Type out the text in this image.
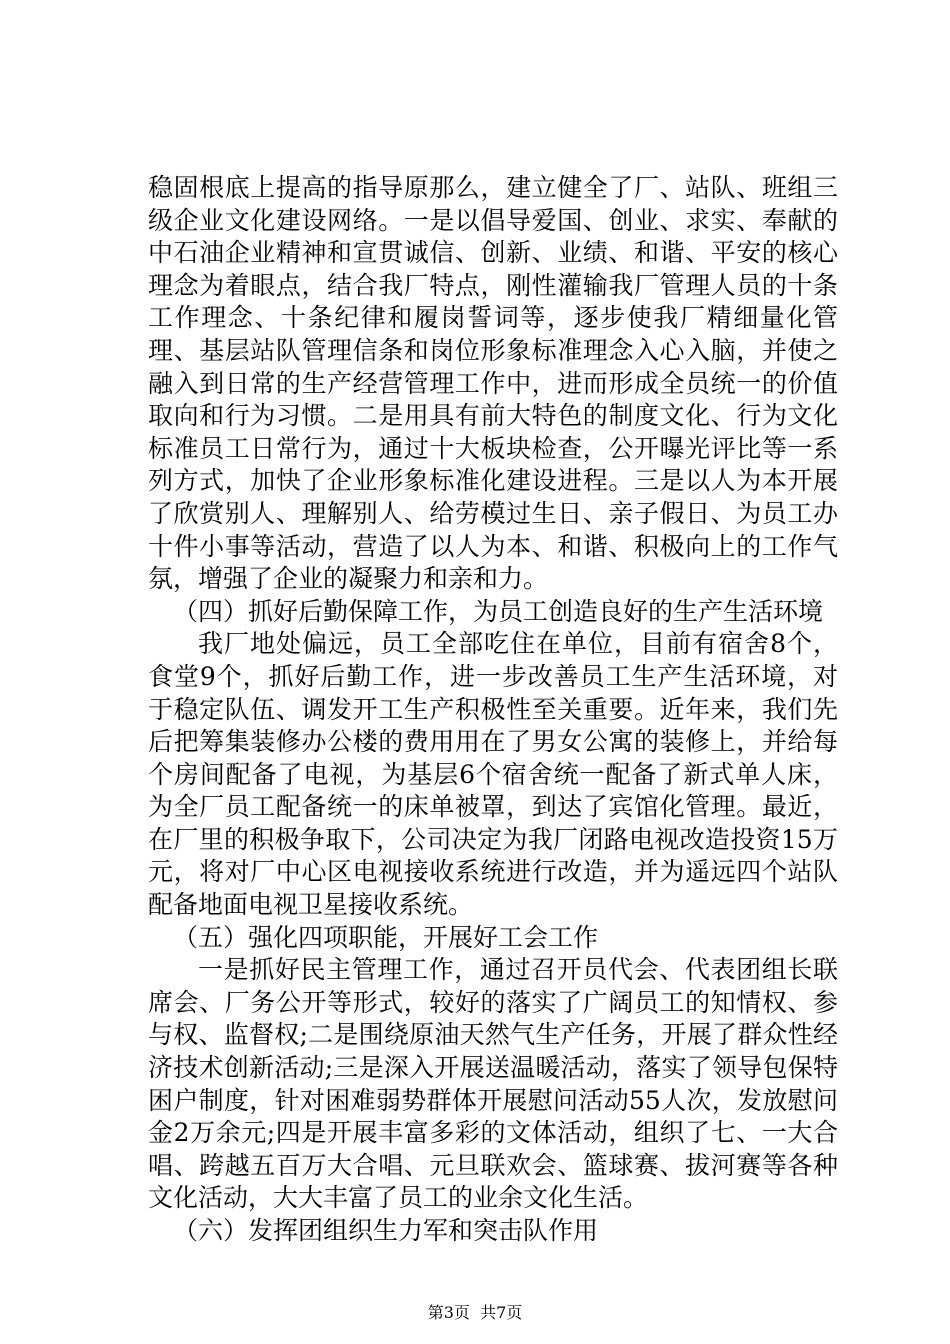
稳固根底上提高的指导原那么，建立健全了厂、站队、班组三级企业文化建设网络。一是以倡导爱国、创业、求实、奉献的中石油企业精神和宣贯诚信、创新、业绩、和谐、平安的核心理念为着眼点，结合我厂特点，刚性灌输我厂管理人员的十条工作理念、十条纪律和履岗誓词等，逐步使我厂精细量化管理、基层站队管理信条和岗位形象标准理念入心入脑，并使之融入到日常的生产经营管理工作中，进而形成全员统一的价值取向和行为习惯。二是用具有前大特色的制度文化、行为文化标准员工日常行为，通过十大板块检查，公开曝光评比等一系列方式，加快了企业形象标准化建设进程。三是以人为本开展了欣赏别人、理解别人、给劳模过生日、亲子假日、为员工办十件小事等活动，营造了以人为本、和谐、积极向上的工作气氛，增强了企业的凝聚力和亲和力。

（四）抓好后勤保障工作，为员工创造良好的生产生活环境

我厂地处偏远，员工全部吃住在单位，目前有宿舍8个，食堂9个，抓好后勤工作，进一步改善员工生产生活环境，对于稳定队伍、调发开工生产积极性至关重要。近年来，我们先后把筹集装修办公楼的费用用在了男女公寓的装修上，并给每个房间配备了电视，为基层6个宿舍统一配备了新式单人床，为全厂员工配备统一的床单被罩，到达了宾馆化管理。最近，在厂里的积极争取下，公司决定为我厂闭路电视改造投资15万元，将对厂中心区电视接收系统进行改造，并为遥远四个站队配备地面电视卫星接收系统。

（五）强化四项职能，开展好工会工作

一是抓好民主管理工作，通过召开员代会、代表团组长联席会、厂务公开等形式，较好的落实了广阔员工的知情权、参与权、监督权;二是围绕原油天然气生产任务，开展了群众性经济技术创新活动;三是深入开展送温暖活动，落实了领导包保特困户制度，针对困难弱势群体开展慰问活动55人次，发放慰问金2万余元;四是开展丰富多彩的文体活动，组织了七、一大合唱、跨越五百万大合唱、元旦联欢会、篮球赛、拔河赛等各种文化活动，大大丰富了员工的业余文化生活。

（六）发挥团组织生力军和突击队作用

第3页 共7页
